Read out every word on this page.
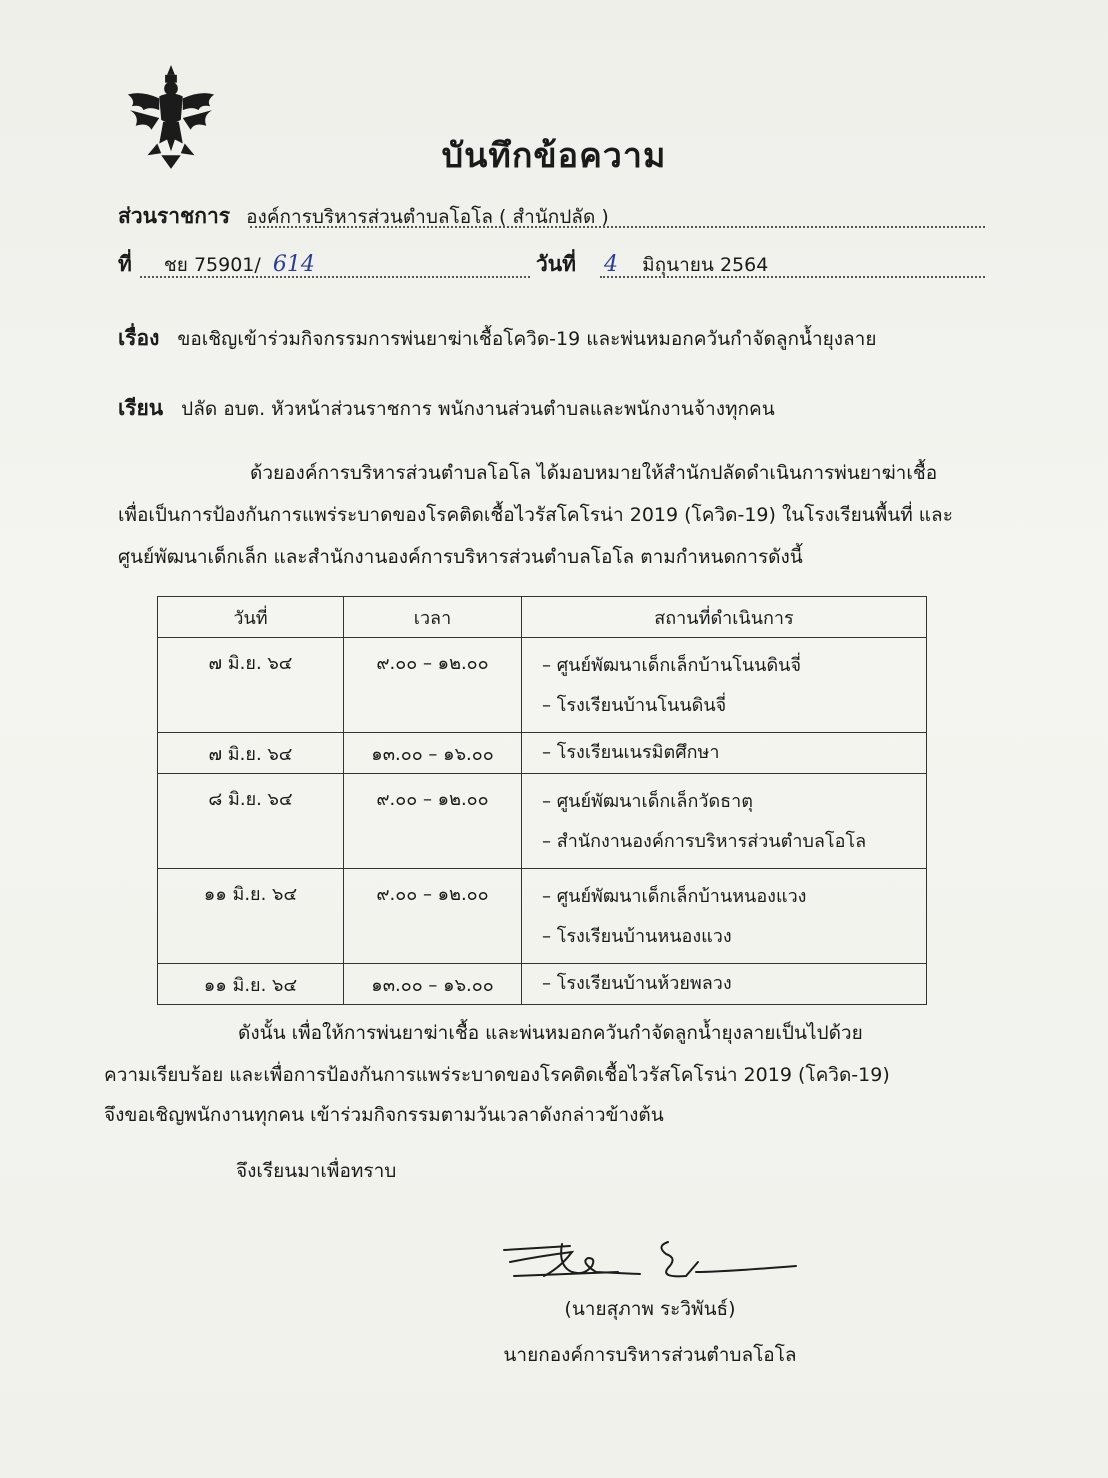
บันทึกข้อความ
ส่วนราชการ องค์การบริหารส่วนตำบลโอโล ( สำนักปลัด )
ที่ ชย 75901/ 614	วันที่ 4 มิถุนายน 2564
เรื่อง ขอเชิญเข้าร่วมกิจกรรมการพ่นยาฆ่าเชื้อโควิด-19 และพ่นหมอกควันกำจัดลูกน้ำยุงลาย
เรียน ปลัด อบต. หัวหน้าส่วนราชการ พนักงานส่วนตำบลและพนักงานจ้างทุกคน
ด้วยองค์การบริหารส่วนตำบลโอโล ได้มอบหมายให้สำนักปลัดดำเนินการพ่นยาฆ่าเชื้อ
เพื่อเป็นการป้องกันการแพร่ระบาดของโรคติดเชื้อไวรัสโคโรน่า 2019 (โควิด-19) ในโรงเรียนพื้นที่ และ
ศูนย์พัฒนาเด็กเล็ก และสำนักงานองค์การบริหารส่วนตำบลโอโล ตามกำหนดการดังนี้
วันที่	เวลา	สถานที่ดำเนินการ
๗ มิ.ย. ๖๔	๙.๐๐ – ๑๒.๐๐	– ศูนย์พัฒนาเด็กเล็กบ้านโนนดินจี่
– โรงเรียนบ้านโนนดินจี่

๗ มิ.ย. ๖๔	๑๓.๐๐ – ๑๖.๐๐	– โรงเรียนเนรมิตศึกษา

๘ มิ.ย. ๖๔	๙.๐๐ – ๑๒.๐๐	– ศูนย์พัฒนาเด็กเล็กวัดธาตุ
– สำนักงานองค์การบริหารส่วนตำบลโอโล

๑๑ มิ.ย. ๖๔	๙.๐๐ – ๑๒.๐๐	– ศูนย์พัฒนาเด็กเล็กบ้านหนองแวง
– โรงเรียนบ้านหนองแวง

๑๑ มิ.ย. ๖๔	๑๓.๐๐ – ๑๖.๐๐	– โรงเรียนบ้านห้วยพลวง
ดังนั้น เพื่อให้การพ่นยาฆ่าเชื้อ และพ่นหมอกควันกำจัดลูกน้ำยุงลายเป็นไปด้วย
ความเรียบร้อย และเพื่อการป้องกันการแพร่ระบาดของโรคติดเชื้อไวรัสโคโรน่า 2019 (โควิด-19)
จึงขอเชิญพนักงานทุกคน เข้าร่วมกิจกรรมตามวันเวลาดังกล่าวข้างต้น
จึงเรียนมาเพื่อทราบ
(นายสุภาพ ระวิพันธ์)
นายกองค์การบริหารส่วนตำบลโอโล
